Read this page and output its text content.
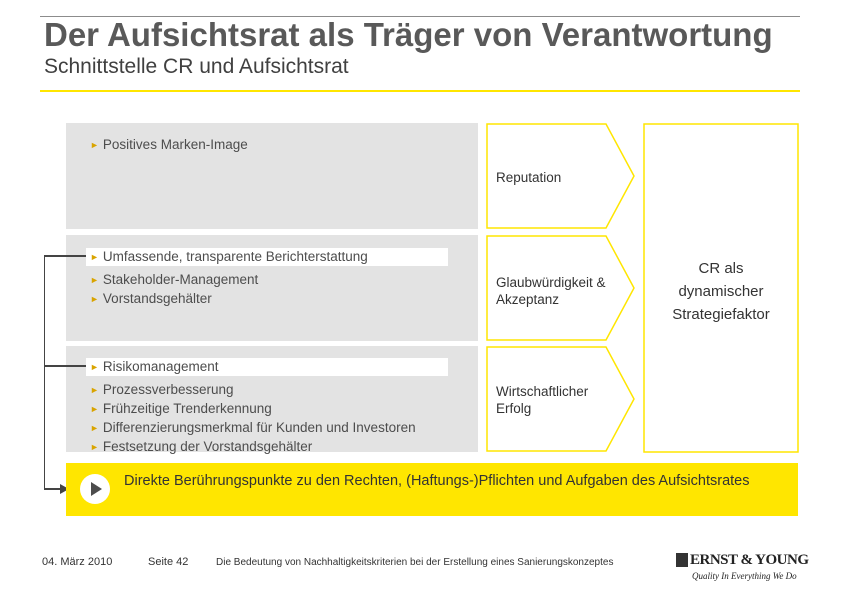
Der Aufsichtsrat als Träger von Verantwortung
Schnittstelle CR und Aufsichtsrat
► Positives Marken-Image
► Umfassende, transparente Berichterstattung
► Stakeholder-Management
► Vorstandsgehälter
► Risikomanagement
► Prozessverbesserung
► Frühzeitige Trenderkennung
► Differenzierungsmerkmal für Kunden und Investoren
► Festsetzung der Vorstandsgehälter
Reputation
Glaubwürdigkeit & Akzeptanz
Wirtschaftlicher Erfolg
CR als dynamischer Strategiefaktor
Direkte Berührungspunkte zu den Rechten, (Haftungs-)Pflichten und Aufgaben des Aufsichtsrates
04. März 2010	Seite 42	Die Bedeutung von Nachhaltigkeitskriterien bei der Erstellung eines Sanierungskonzeptes	ERNST & YOUNG
Quality In Everything We Do
